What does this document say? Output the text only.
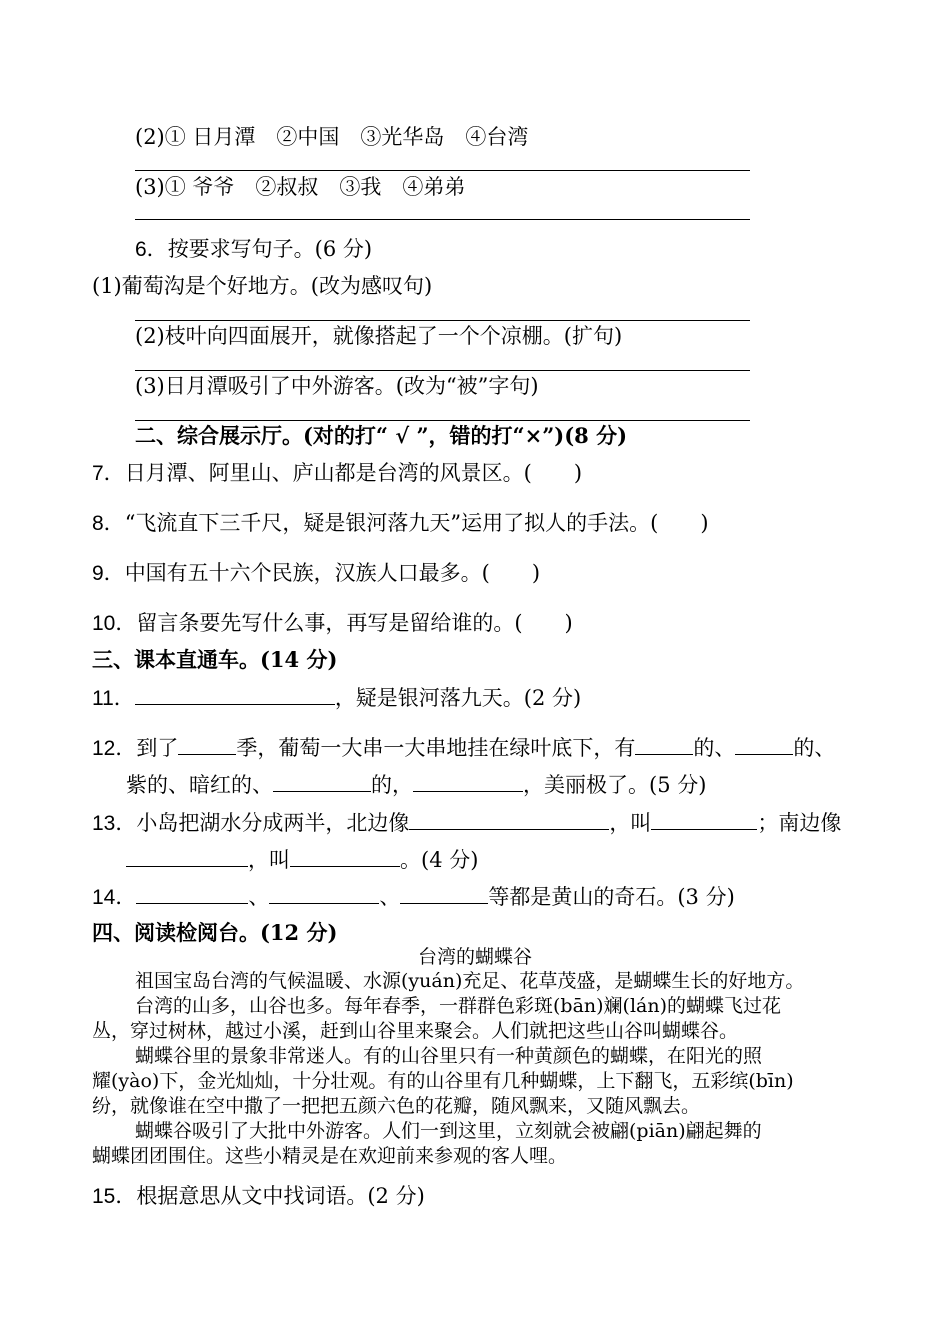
(2)① 日月潭　②中国　③光华岛　④台湾
(3)① 爷爷　②叔叔　③我　④弟弟
6．按要求写句子。(6 分)
(1)葡萄沟是个好地方。(改为感叹句)
(2)枝叶向四面展开，就像搭起了一个个凉棚。(扩句)
(3)日月潭吸引了中外游客。(改为“被”字句)
二、综合展示厅。(对的打“ √ ”，错的打“×”)(8 分)
7．日月潭、阿里山、庐山都是台湾的风景区。(　　)
8．“飞流直下三千尺，疑是银河落九天”运用了拟人的手法。(　　)
9．中国有五十六个民族，汉族人口最多。(　　)
10．留言条要先写什么事，再写是留给谁的。(　　)
三、课本直通车。(14 分)
11．	，疑是银河落九天。(2 分)
12．到了	季，葡萄一大串一大串地挂在绿叶底下，有	的、	的、
紫的、暗红的、	的，	，美丽极了。(5 分)
13．小岛把湖水分成两半，北边像	，叫	；南边像
，叫	。(4 分)
14．	、	、	等都是黄山的奇石。(3 分)
四、阅读检阅台。(12 分)
台湾的蝴蝶谷
祖国宝岛台湾的气候温暖、水源(yuán)充足、花草茂盛，是蝴蝶生长的好地方。
台湾的山多，山谷也多。每年春季，一群群色彩斑(bān)斓(lán)的蝴蝶飞过花
丛，穿过树林，越过小溪，赶到山谷里来聚会。人们就把这些山谷叫蝴蝶谷。
蝴蝶谷里的景象非常迷人。有的山谷里只有一种黄颜色的蝴蝶，在阳光的照
耀(yào)下，金光灿灿，十分壮观。有的山谷里有几种蝴蝶，上下翻飞，五彩缤(bīn)
纷，就像谁在空中撒了一把把五颜六色的花瓣，随风飘来，又随风飘去。
蝴蝶谷吸引了大批中外游客。人们一到这里，立刻就会被翩(piān)翩起舞的
蝴蝶团团围住。这些小精灵是在欢迎前来参观的客人哩。
15．根据意思从文中找词语。(2 分)
